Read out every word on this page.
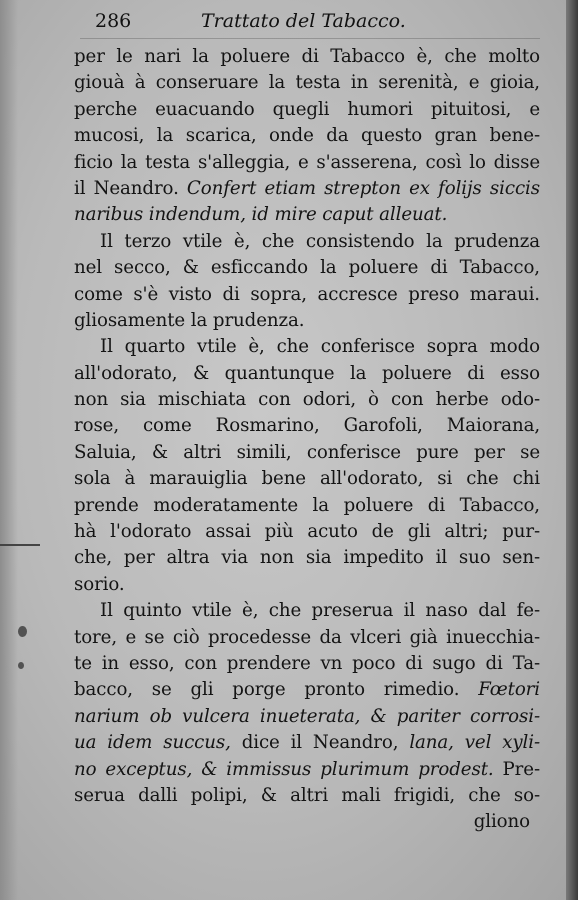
286	Trattato del Tabacco.
per le nari la poluere di Tabacco è, che molto
giouà à conseruare la testa in serenità, e gioia,
perche euacuando quegli humori pituitosi, e
mucosi, la scarica, onde da questo gran bene-
ficio la testa s'alleggia, e s'asserena, così lo disse
il Neandro. Confert etiam strepton ex folijs siccis
naribus indendum, id mire caput alleuat.
Il terzo vtile è, che consistendo la prudenza
nel secco, & esficcando la poluere di Tabacco,
come s'è visto di sopra, accresce preso maraui.
gliosamente la prudenza.
Il quarto vtile è, che conferisce sopra modo
all'odorato, & quantunque la poluere di esso
non sia mischiata con odori, ò con herbe odo-
rose, come Rosmarino, Garofoli, Maiorana,
Saluia, & altri simili, conferisce pure per se
sola à marauiglia bene all'odorato, si che chi
prende moderatamente la poluere di Tabacco,
hà l'odorato assai più acuto de gli altri; pur-
che, per altra via non sia impedito il suo sen-
sorio.
Il quinto vtile è, che preserua il naso dal fe-
tore, e se ciò procedesse da vlceri già inuecchia-
te in esso, con prendere vn poco di sugo di Ta-
bacco, se gli porge pronto rimedio. Fœtori
narium ob vulcera inueterata, & pariter corrosi-
ua idem succus, dice il Neandro, lana, vel xyli-
no exceptus, & immissus plurimum prodest. Pre-
serua dalli polipi, & altri mali frigidi, che so-
gliono
